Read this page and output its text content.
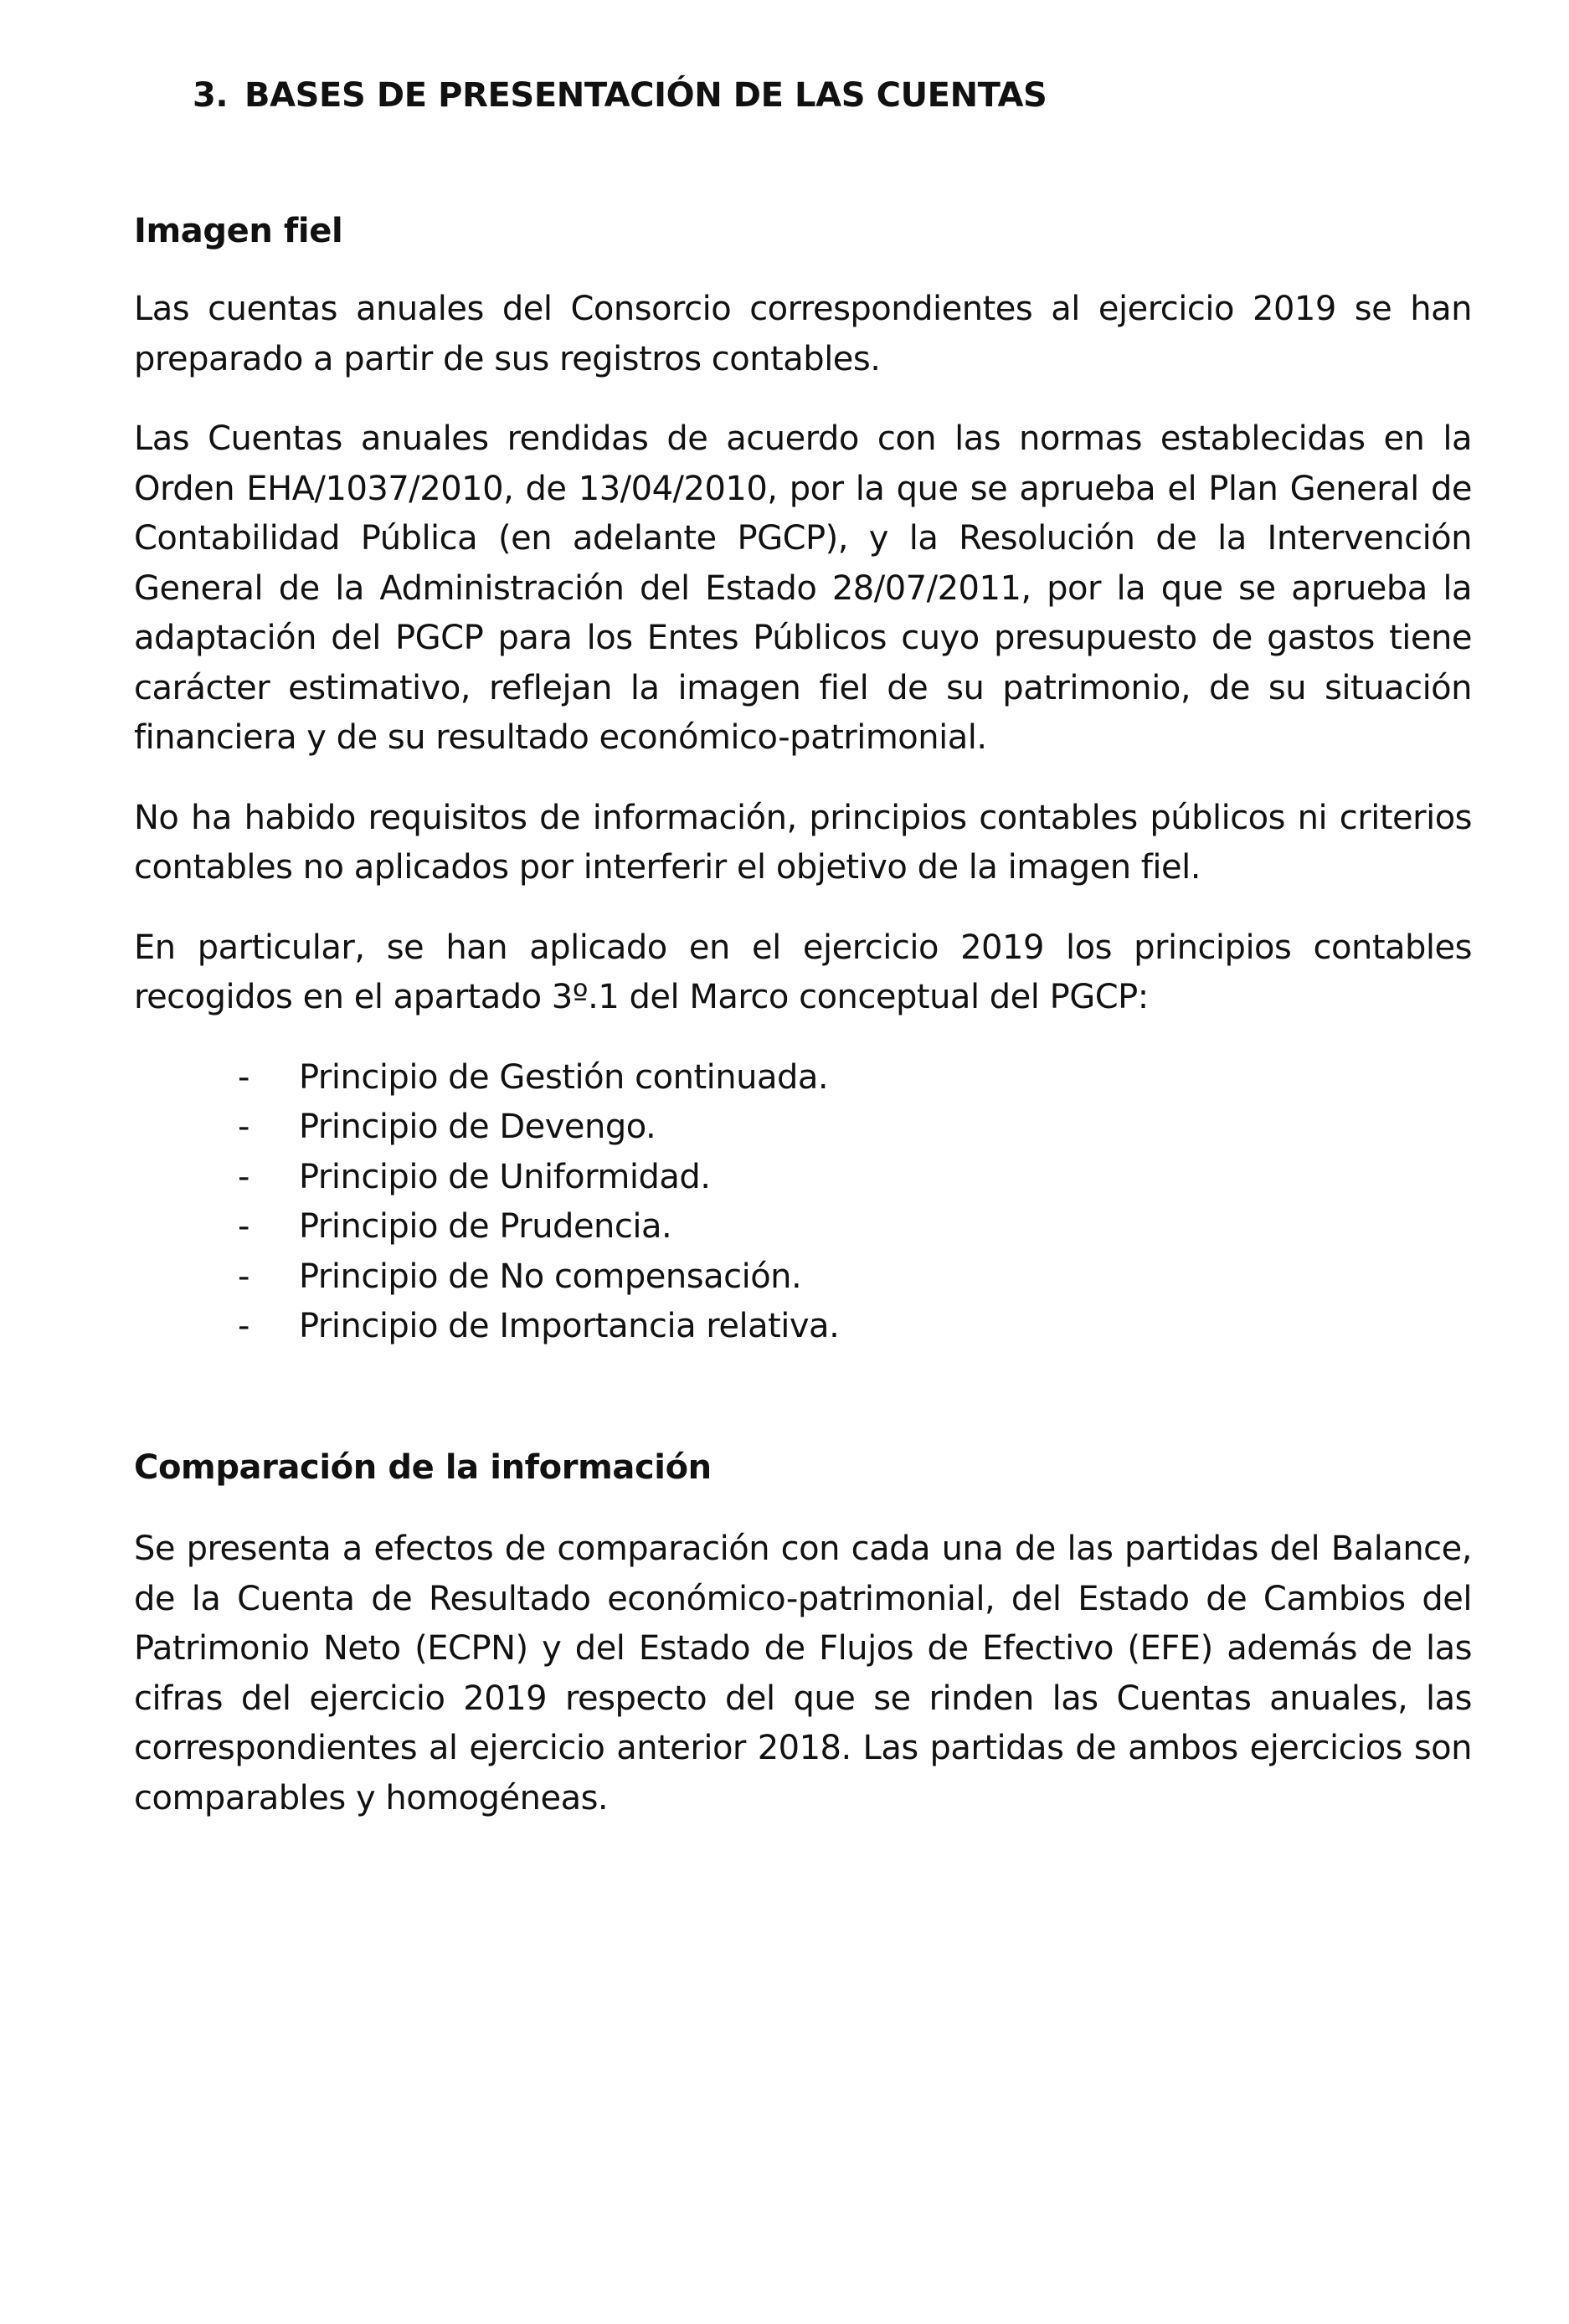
3. BASES DE PRESENTACIÓN DE LAS CUENTAS
Imagen fiel

Las cuentas anuales del Consorcio correspondientes al ejercicio 2019 se han preparado a partir de sus registros contables.

Las Cuentas anuales rendidas de acuerdo con las normas establecidas en la Orden EHA/1037/2010, de 13/04/2010, por la que se aprueba el Plan General de Contabilidad Pública (en adelante PGCP), y la Resolución de la Intervención General de la Administración del Estado 28/07/2011, por la que se aprueba la adaptación del PGCP para los Entes Públicos cuyo presupuesto de gastos tiene carácter estimativo, reflejan la imagen fiel de su patrimonio, de su situación financiera y de su resultado económico-patrimonial.

No ha habido requisitos de información, principios contables públicos ni criterios contables no aplicados por interferir el objetivo de la imagen fiel.

En particular, se han aplicado en el ejercicio 2019 los principios contables recogidos en el apartado 3º.1 del Marco conceptual del PGCP:

- Principio de Gestión continuada.
- Principio de Devengo.
- Principio de Uniformidad.
- Principio de Prudencia.
- Principio de No compensación.
- Principio de Importancia relativa.
Comparación de la información

Se presenta a efectos de comparación con cada una de las partidas del Balance, de la Cuenta de Resultado económico-patrimonial, del Estado de Cambios del Patrimonio Neto (ECPN) y del Estado de Flujos de Efectivo (EFE) además de las cifras del ejercicio 2019 respecto del que se rinden las Cuentas anuales, las correspondientes al ejercicio anterior 2018. Las partidas de ambos ejercicios son comparables y homogéneas.
